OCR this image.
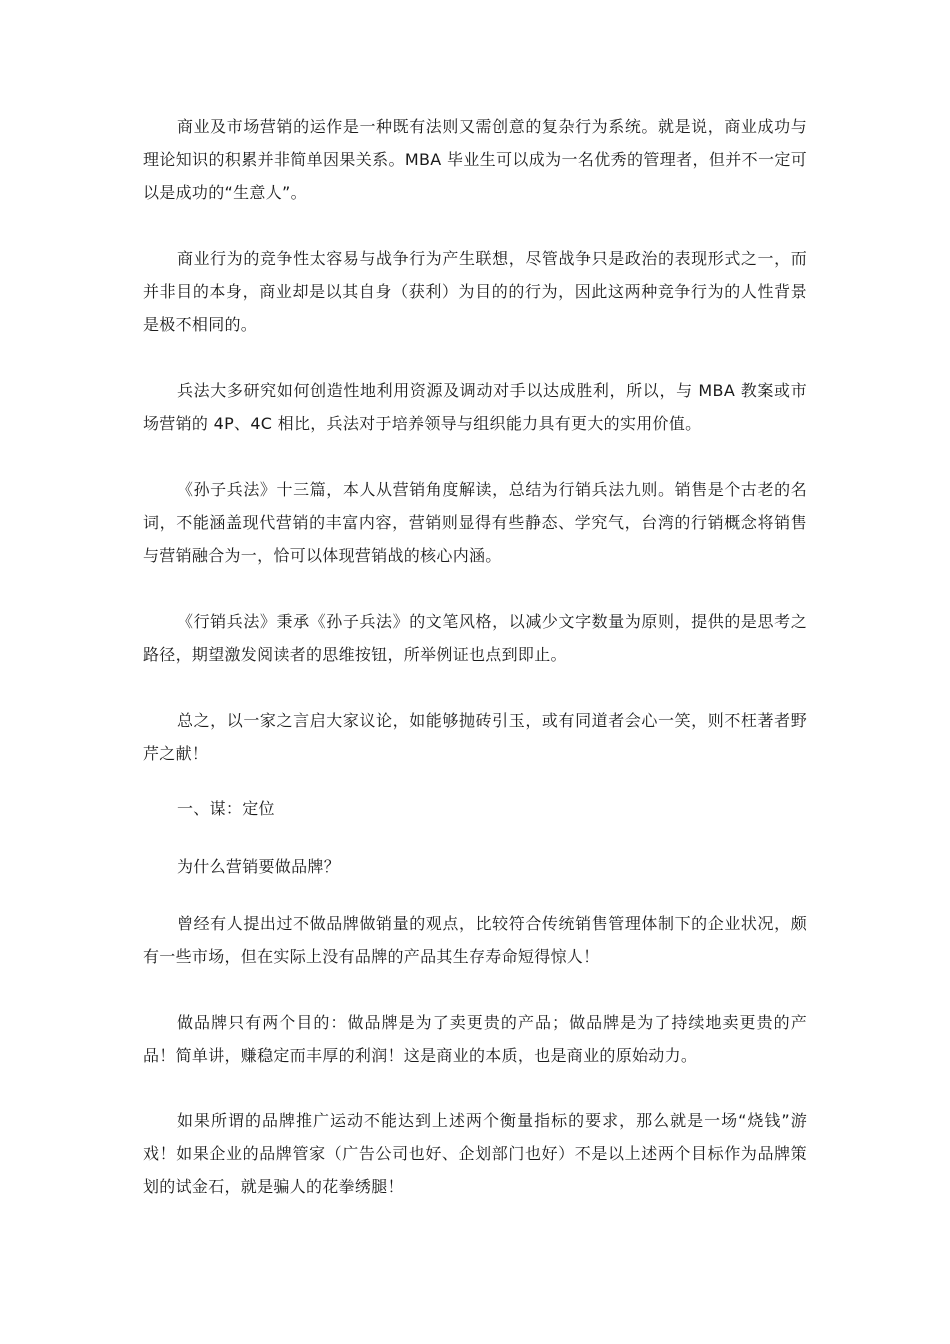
商业及市场营销的运作是一种既有法则又需创意的复杂行为系统。就是说，商业成功与理论知识的积累并非简单因果关系。MBA 毕业生可以成为一名优秀的管理者，但并不一定可以是成功的“生意人”。

商业行为的竞争性太容易与战争行为产生联想，尽管战争只是政治的表现形式之一，而并非目的本身，商业却是以其自身（获利）为目的的行为，因此这两种竞争行为的人性背景是极不相同的。

兵法大多研究如何创造性地利用资源及调动对手以达成胜利，所以，与 MBA 教案或市场营销的 4P、4C 相比，兵法对于培养领导与组织能力具有更大的实用价值。

《孙子兵法》十三篇，本人从营销角度解读，总结为行销兵法九则。销售是个古老的名词，不能涵盖现代营销的丰富内容，营销则显得有些静态、学究气，台湾的行销概念将销售与营销融合为一，恰可以体现营销战的核心内涵。

《行销兵法》秉承《孙子兵法》的文笔风格，以减少文字数量为原则，提供的是思考之路径，期望激发阅读者的思维按钮，所举例证也点到即止。

总之，以一家之言启大家议论，如能够抛砖引玉，或有同道者会心一笑，则不枉著者野芹之献！

一、谋：定位

为什么营销要做品牌？

曾经有人提出过不做品牌做销量的观点，比较符合传统销售管理体制下的企业状况，颇有一些市场，但在实际上没有品牌的产品其生存寿命短得惊人！

做品牌只有两个目的：做品牌是为了卖更贵的产品；做品牌是为了持续地卖更贵的产品！简单讲，赚稳定而丰厚的利润！这是商业的本质，也是商业的原始动力。

如果所谓的品牌推广运动不能达到上述两个衡量指标的要求，那么就是一场“烧钱”游戏！如果企业的品牌管家（广告公司也好、企划部门也好）不是以上述两个目标作为品牌策划的试金石，就是骗人的花拳绣腿！
